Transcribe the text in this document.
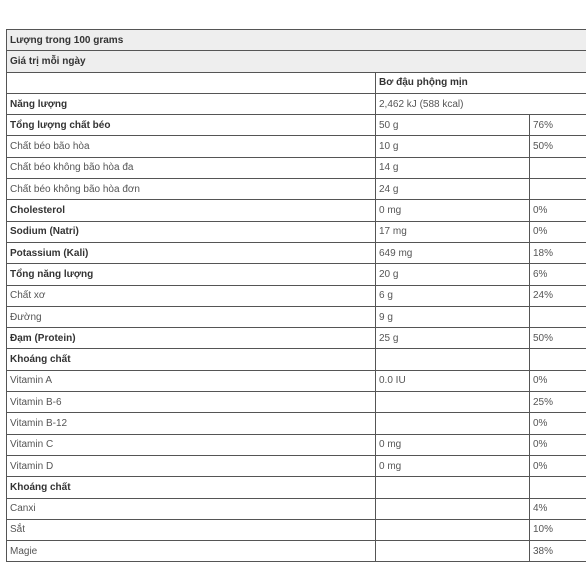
Lượng trong 100 grams		
Giá trị mỗi ngày		
	Bơ đậu phộng mịn	
Năng lượng	2,462 kJ (588 kcal)	
Tổng lượng chất béo	50 g	76%
Chất béo bão hòa	10 g	50%
Chất béo không bão hòa đa	14 g	
Chất béo không bão hòa đơn	24 g	
Cholesterol	0 mg	0%
Sodium (Natri)	17 mg	0%
Potassium (Kali)	649 mg	18%
Tổng năng lượng	20 g	6%
Chất xơ	6 g	24%
Đường	9 g	
Đạm (Protein)	25 g	50%
Khoáng chất		
Vitamin A	0.0 IU	0%
Vitamin B-6		25%
Vitamin B-12		0%
Vitamin C	0 mg	0%
Vitamin D	0 mg	0%
Khoáng chất		
Canxi		4%
Sắt		10%
Magie		38%
